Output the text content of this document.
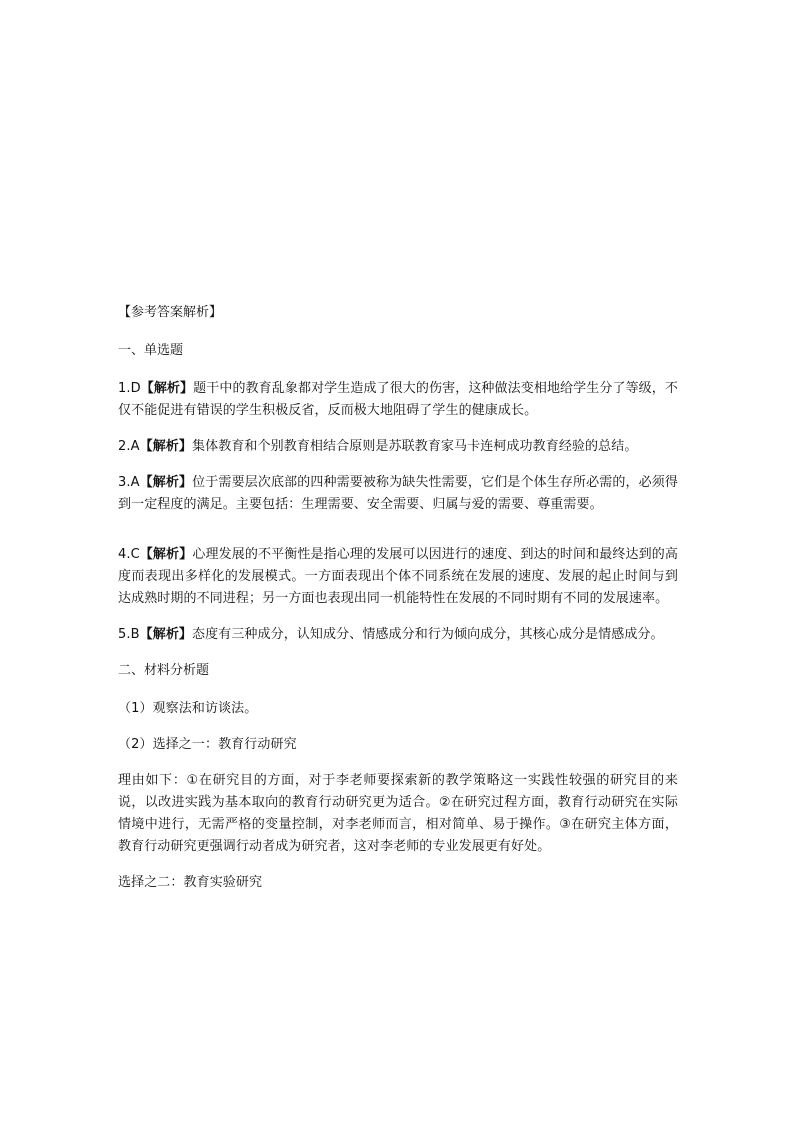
【参考答案解析】

一、单选题

1.D【解析】题干中的教育乱象都对学生造成了很大的伤害，这种做法变相地给学生分了等级，不仅不能促进有错误的学生积极反省，反而极大地阻碍了学生的健康成长。

2.A【解析】集体教育和个别教育相结合原则是苏联教育家马卡连柯成功教育经验的总结。

3.A【解析】位于需要层次底部的四种需要被称为缺失性需要，它们是个体生存所必需的，必须得到一定程度的满足。主要包括：生理需要、安全需要、归属与爱的需要、尊重需要。

4.C【解析】心理发展的不平衡性是指心理的发展可以因进行的速度、到达的时间和最终达到的高度而表现出多样化的发展模式。一方面表现出个体不同系统在发展的速度、发展的起止时间与到达成熟时期的不同进程；另一方面也表现出同一机能特性在发展的不同时期有不同的发展速率。

5.B【解析】态度有三种成分，认知成分、情感成分和行为倾向成分，其核心成分是情感成分。

二、材料分析题

（1）观察法和访谈法。

（2）选择之一：教育行动研究

理由如下：①在研究目的方面，对于李老师要探索新的教学策略这一实践性较强的研究目的来说，以改进实践为基本取向的教育行动研究更为适合。②在研究过程方面，教育行动研究在实际情境中进行，无需严格的变量控制，对李老师而言，相对简单、易于操作。③在研究主体方面，教育行动研究更强调行动者成为研究者，这对李老师的专业发展更有好处。

选择之二：教育实验研究
